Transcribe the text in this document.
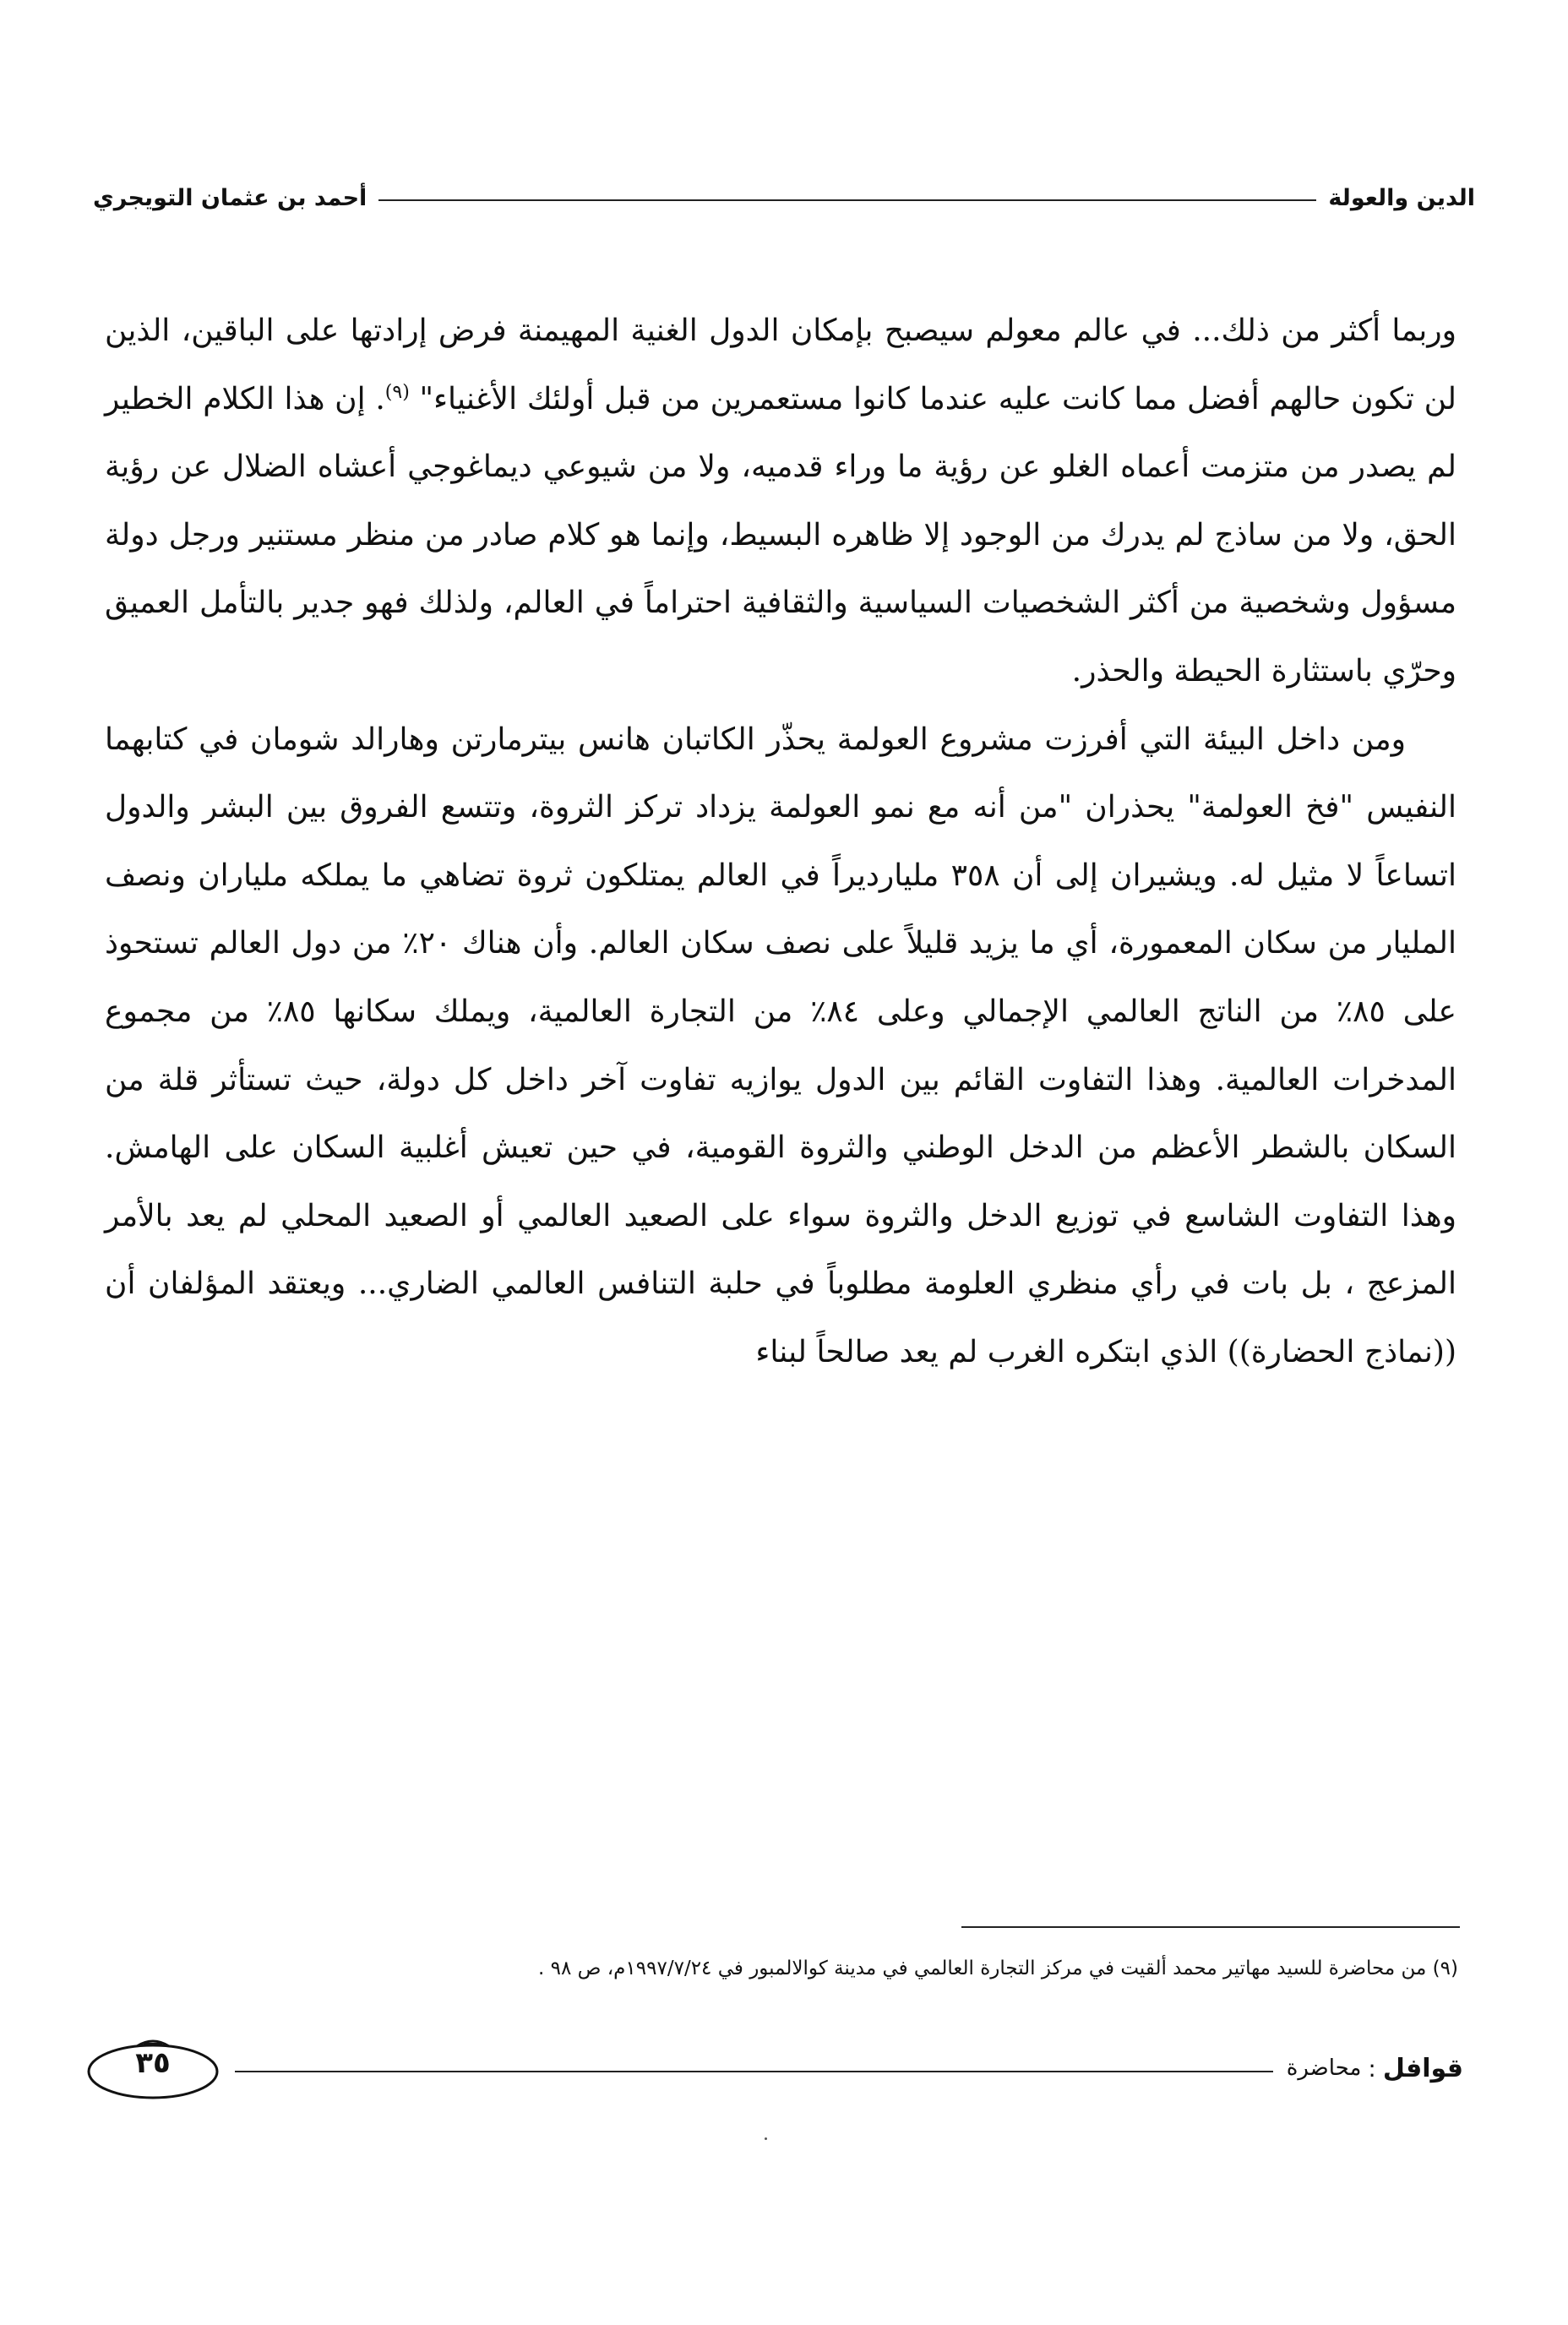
الدين والعولة
أحمد بن عثمان التويجري

وربما أكثر من ذلك... في عالم معولم سيصبح بإمكان الدول الغنية المهيمنة فرض إرادتها على الباقين، الذين لن تكون حالهم أفضل مما كانت عليه عندما كانوا مستعمرين من قبل أولئك الأغنياء" $^{(٩)}$. إن هذا الكلام الخطير لم يصدر من متزمت أعماه الغلو عن رؤية ما وراء قدميه، ولا من شيوعي ديماغوجي أعشاه الضلال عن رؤية الحق، ولا من ساذج لم يدرك من الوجود إلا ظاهره البسيط، وإنما هو كلام صادر من منظر مستنير ورجل دولة مسؤول وشخصية من أكثر الشخصيات السياسية والثقافية احتراماً في العالم، ولذلك فهو جدير بالتأمل العميق وحرّي باستثارة الحيطة والحذر.

ومن داخل البيئة التي أفرزت مشروع العولمة يحذّر الكاتبان هانس بيترمارتن وهارالد شومان في كتابهما النفيس "فخ العولمة" يحذران "من أنه مع نمو العولمة يزداد تركز الثروة، وتتسع الفروق بين البشر والدول اتساعاً لا مثيل له. ويشيران إلى أن ٣٥٨ مليارديراً في العالم يمتلكون ثروة تضاهي ما يملكه ملياران ونصف المليار من سكان المعمورة، أي ما يزيد قليلاً على نصف سكان العالم. وأن هناك ٢٠٪ من دول العالم تستحوذ على ٨٥٪ من الناتج العالمي الإجمالي وعلى ٨٤٪ من التجارة العالمية، ويملك سكانها ٨٥٪ من مجموع المدخرات العالمية. وهذا التفاوت القائم بين الدول يوازيه تفاوت آخر داخل كل دولة، حيث تستأثر قلة من السكان بالشطر الأعظم من الدخل الوطني والثروة القومية، في حين تعيش أغلبية السكان على الهامش. وهذا التفاوت الشاسع في توزيع الدخل والثروة سواء على الصعيد العالمي أو الصعيد المحلي لم يعد بالأمر المزعج ، بل بات في رأي منظري العلومة مطلوباً في حلبة التنافس العالمي الضاري... ويعتقد المؤلفان أن ((نماذج الحضارة)) الذي ابتكره الغرب لم يعد صالحاً لبناء

(٩) من محاضرة للسيد مهاتير محمد ألقيت في مركز التجارة العالمي في مدينة كوالالمبور في ١٩٩٧/٧/٢٤م، ص ٩٨ .
قوافل
:
محاضرة
٣٥
